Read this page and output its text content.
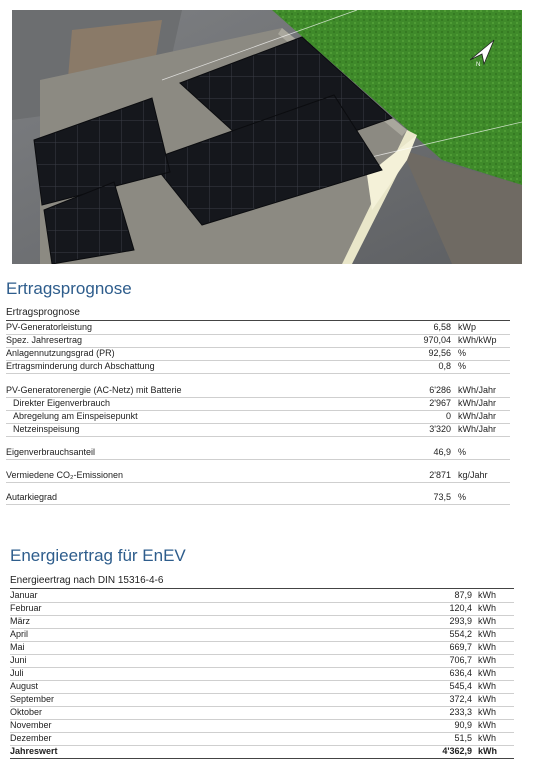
N
Ertragsprognose
Ertragsprognose
PV-Generatorleistung	6,58 kWp
Spez. Jahresertrag	970,04 kWh/kWp
Anlagennutzungsgrad (PR)	92,56 %
Ertragsminderung durch Abschattung	0,8 %
PV-Generatorenergie (AC-Netz) mit Batterie	6'286 kWh/Jahr
Direkter Eigenverbrauch	2'967 kWh/Jahr
Abregelung am Einspeisepunkt	0 kWh/Jahr
Netzeinspeisung	3'320 kWh/Jahr
Eigenverbrauchsanteil	46,9 %
Vermiedene CO₂-Emissionen	2'871 kg/Jahr
Autarkiegrad	73,5 %
Energieertrag für EnEV
Energieertrag nach DIN 15316-4-6
Januar	87,9 kWh
Februar	120,4 kWh
März	293,9 kWh
April	554,2 kWh
Mai	669,7 kWh
Juni	706,7 kWh
Juli	636,4 kWh
August	545,4 kWh
September	372,4 kWh
Oktober	233,3 kWh
November	90,9 kWh
Dezember	51,5 kWh
Jahreswert	4'362,9 kWh
